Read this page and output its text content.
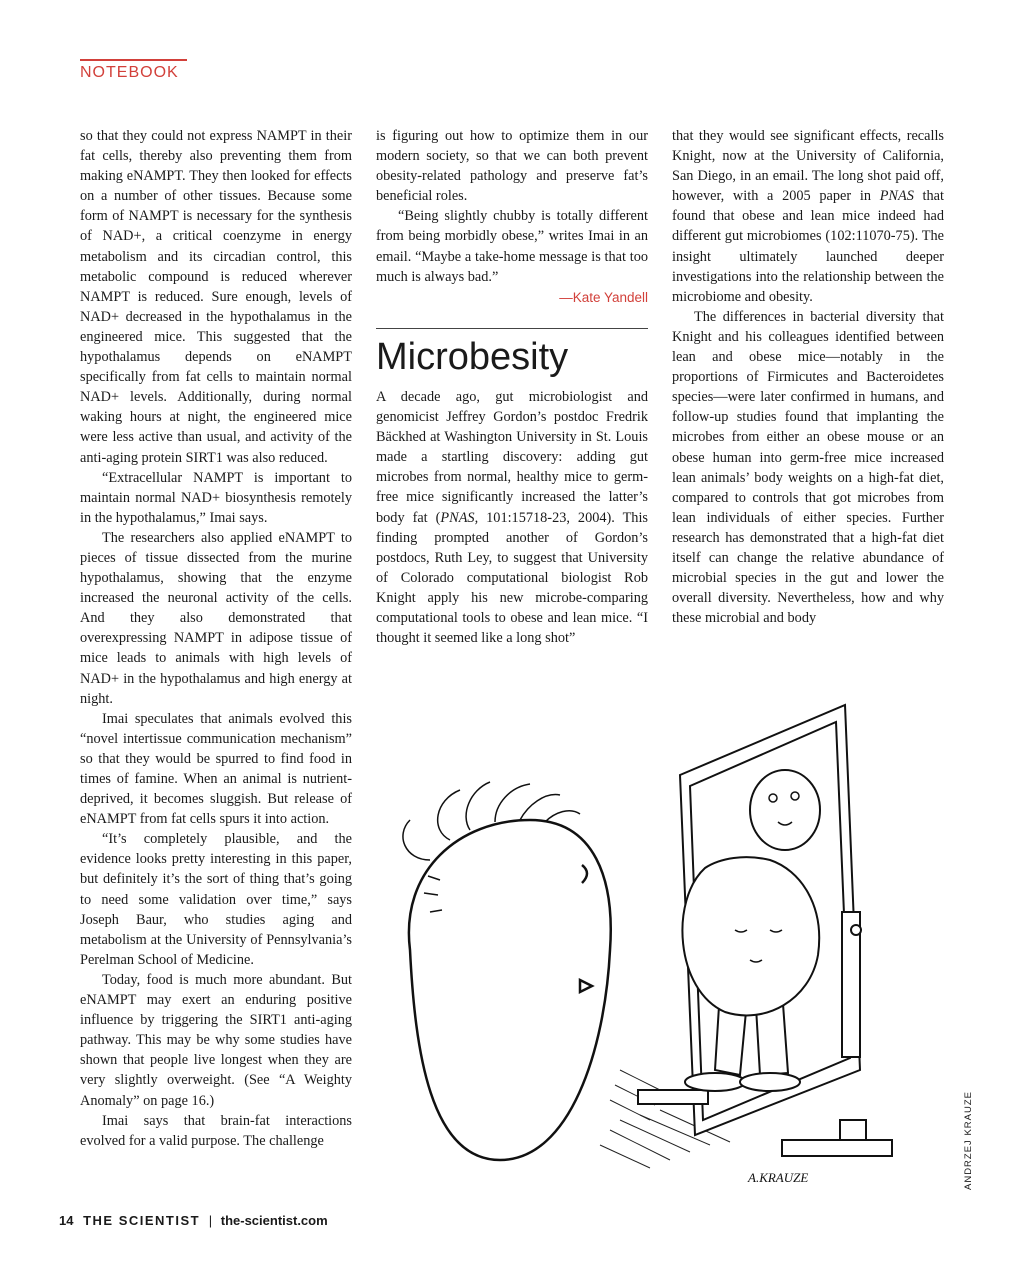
NOTEBOOK

so that they could not express NAMPT in their fat cells, thereby also preventing them from making eNAMPT. They then looked for effects on a number of other tissues. Because some form of NAMPT is necessary for the synthesis of NAD+, a critical coenzyme in energy metabolism and its circadian control, this metabolic compound is reduced wherever NAMPT is reduced. Sure enough, levels of NAD+ decreased in the hypothalamus in the engineered mice. This suggested that the hypothalamus depends on eNAMPT specifically from fat cells to maintain normal NAD+ levels. Additionally, during normal waking hours at night, the engineered mice were less active than usual, and activity of the anti-aging protein SIRT1 was also reduced.

“Extracellular NAMPT is important to maintain normal NAD+ biosynthesis remotely in the hypothalamus,” Imai says.

The researchers also applied eNAMPT to pieces of tissue dissected from the murine hypothalamus, showing that the enzyme increased the neuronal activity of the cells. And they also demonstrated that overexpressing NAMPT in adipose tissue of mice leads to animals with high levels of NAD+ in the hypothalamus and high energy at night.

Imai speculates that animals evolved this “novel intertissue communication mechanism” so that they would be spurred to find food in times of famine. When an animal is nutrient-deprived, it becomes sluggish. But release of eNAMPT from fat cells spurs it into action.

“It’s completely plausible, and the evidence looks pretty interesting in this paper, but definitely it’s the sort of thing that’s going to need some validation over time,” says Joseph Baur, who studies aging and metabolism at the University of Pennsylvania’s Perelman School of Medicine.

Today, food is much more abundant. But eNAMPT may exert an enduring positive influence by triggering the SIRT1 anti-aging pathway. This may be why some studies have shown that people live longest when they are very slightly overweight. (See “A Weighty Anomaly” on page 16.)

Imai says that brain-fat interactions evolved for a valid purpose. The challenge

is figuring out how to optimize them in our modern society, so that we can both prevent obesity-related pathology and preserve fat’s beneficial roles.

“Being slightly chubby is totally different from being morbidly obese,” writes Imai in an email. “Maybe a take-home message is that too much is always bad.”

—Kate Yandell
Microbesity

A decade ago, gut microbiologist and genomicist Jeffrey Gordon’s postdoc Fredrik Bäckhed at Washington University in St. Louis made a startling discovery: adding gut microbes from normal, healthy mice to germ-free mice significantly increased the latter’s body fat (PNAS, 101:15718-23, 2004). This finding prompted another of Gordon’s postdocs, Ruth Ley, to suggest that University of Colorado computational biologist Rob Knight apply his new microbe-comparing computational tools to obese and lean mice. “I thought it seemed like a long shot”

that they would see significant effects, recalls Knight, now at the University of California, San Diego, in an email. The long shot paid off, however, with a 2005 paper in PNAS that found that obese and lean mice indeed had different gut microbiomes (102:11070-75). The insight ultimately launched deeper investigations into the relationship between the microbiome and obesity.

The differences in bacterial diversity that Knight and his colleagues identified between lean and obese mice—notably in the proportions of Firmicutes and Bacteroidetes species—were later confirmed in humans, and follow-up studies found that implanting the microbes from either an obese mouse or an obese human into germ-free mice increased lean animals’ body weights on a high-fat diet, compared to controls that got microbes from lean individuals of either species. Further research has demonstrated that a high-fat diet itself can change the relative abundance of microbial species in the gut and lower the overall diversity. Nevertheless, how and why these microbial and body

A.KRAUZE	ANDRZEJ KRAUZE
14 THE SCIENTIST | the-scientist.com
